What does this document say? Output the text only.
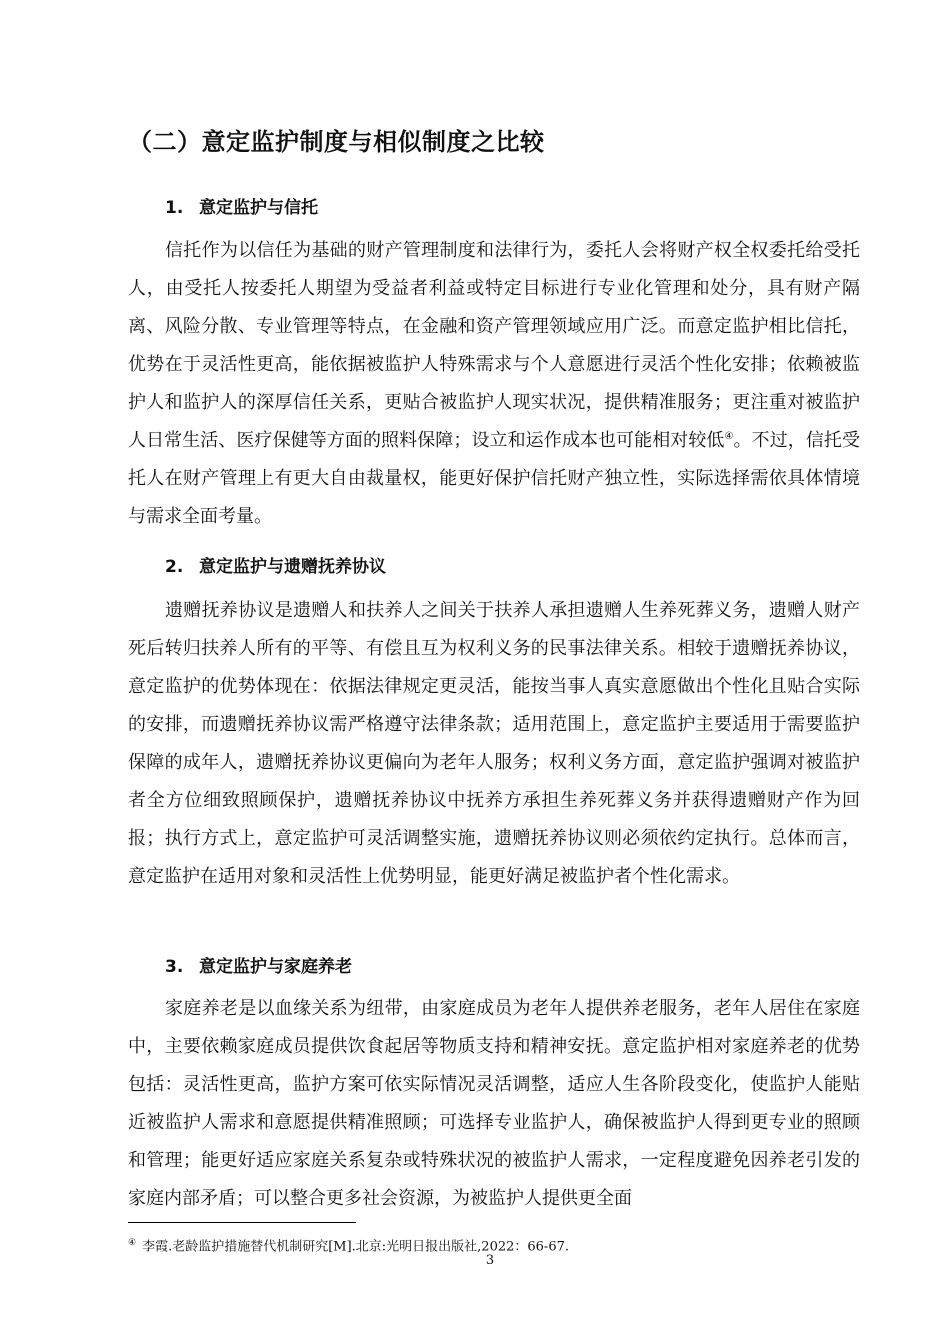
（二）意定监护制度与相似制度之比较
1. 意定监护与信托

信托作为以信任为基础的财产管理制度和法律行为，委托人会将财产权全权委托给受托人，由受托人按委托人期望为受益者利益或特定目标进行专业化管理和处分，具有财产隔离、风险分散、专业管理等特点，在金融和资产管理领域应用广泛。而意定监护相比信托，优势在于灵活性更高，能依据被监护人特殊需求与个人意愿进行灵活个性化安排；依赖被监护人和监护人的深厚信任关系，更贴合被监护人现实状况，提供精准服务；更注重对被监护人日常生活、医疗保健等方面的照料保障；设立和运作成本也可能相对较低④。不过，信托受托人在财产管理上有更大自由裁量权，能更好保护信托财产独立性，实际选择需依具体情境与需求全面考量。

2. 意定监护与遗赠抚养协议

遗赠抚养协议是遗赠人和扶养人之间关于扶养人承担遗赠人生养死葬义务，遗赠人财产死后转归扶养人所有的平等、有偿且互为权利义务的民事法律关系。相较于遗赠抚养协议，意定监护的优势体现在：依据法律规定更灵活，能按当事人真实意愿做出个性化且贴合实际的安排，而遗赠抚养协议需严格遵守法律条款；适用范围上，意定监护主要适用于需要监护保障的成年人，遗赠抚养协议更偏向为老年人服务；权利义务方面，意定监护强调对被监护者全方位细致照顾保护，遗赠抚养协议中抚养方承担生养死葬义务并获得遗赠财产作为回报；执行方式上，意定监护可灵活调整实施，遗赠抚养协议则必须依约定执行。总体而言，意定监护在适用对象和灵活性上优势明显，能更好满足被监护者个性化需求。

3. 意定监护与家庭养老

家庭养老是以血缘关系为纽带，由家庭成员为老年人提供养老服务，老年人居住在家庭中，主要依赖家庭成员提供饮食起居等物质支持和精神安抚。意定监护相对家庭养老的优势包括：灵活性更高，监护方案可依实际情况灵活调整，适应人生各阶段变化，使监护人能贴近被监护人需求和意愿提供精准照顾；可选择专业监护人，确保被监护人得到更专业的照顾和管理；能更好适应家庭关系复杂或特殊状况的被监护人需求，一定程度避免因养老引发的家庭内部矛盾；可以整合更多社会资源，为被监护人提供更全面

④ 李霞.老龄监护措施替代机制研究[M].北京:光明日报出版社,2022：66-67.

3
